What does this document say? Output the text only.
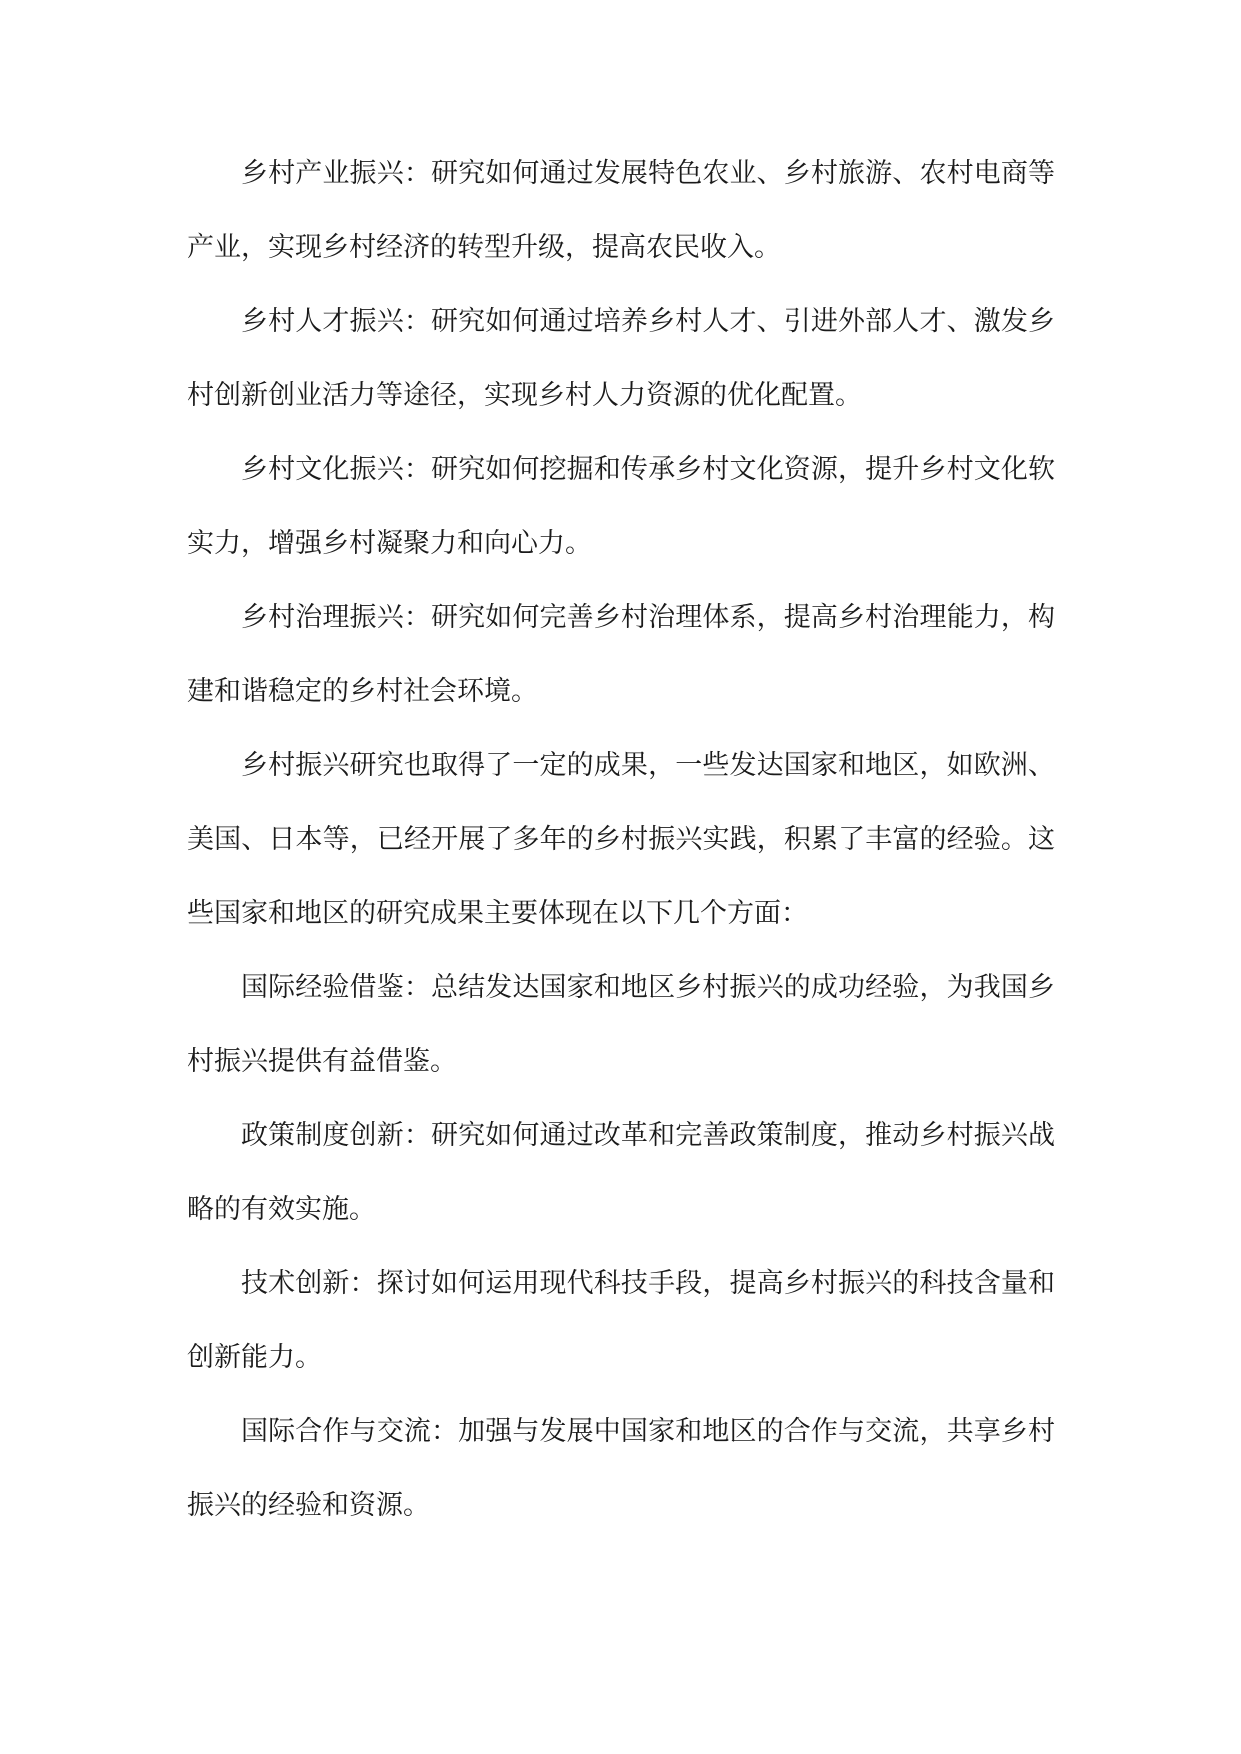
乡村产业振兴：研究如何通过发展特色农业、乡村旅游、农村电商等产业，实现乡村经济的转型升级，提高农民收入。

乡村人才振兴：研究如何通过培养乡村人才、引进外部人才、激发乡村创新创业活力等途径，实现乡村人力资源的优化配置。

乡村文化振兴：研究如何挖掘和传承乡村文化资源，提升乡村文化软实力，增强乡村凝聚力和向心力。

乡村治理振兴：研究如何完善乡村治理体系，提高乡村治理能力，构建和谐稳定的乡村社会环境。

乡村振兴研究也取得了一定的成果，一些发达国家和地区，如欧洲、美国、日本等，已经开展了多年的乡村振兴实践，积累了丰富的经验。这些国家和地区的研究成果主要体现在以下几个方面：

国际经验借鉴：总结发达国家和地区乡村振兴的成功经验，为我国乡村振兴提供有益借鉴。

政策制度创新：研究如何通过改革和完善政策制度，推动乡村振兴战略的有效实施。

技术创新：探讨如何运用现代科技手段，提高乡村振兴的科技含量和创新能力。

国际合作与交流：加强与发展中国家和地区的合作与交流，共享乡村振兴的经验和资源。
